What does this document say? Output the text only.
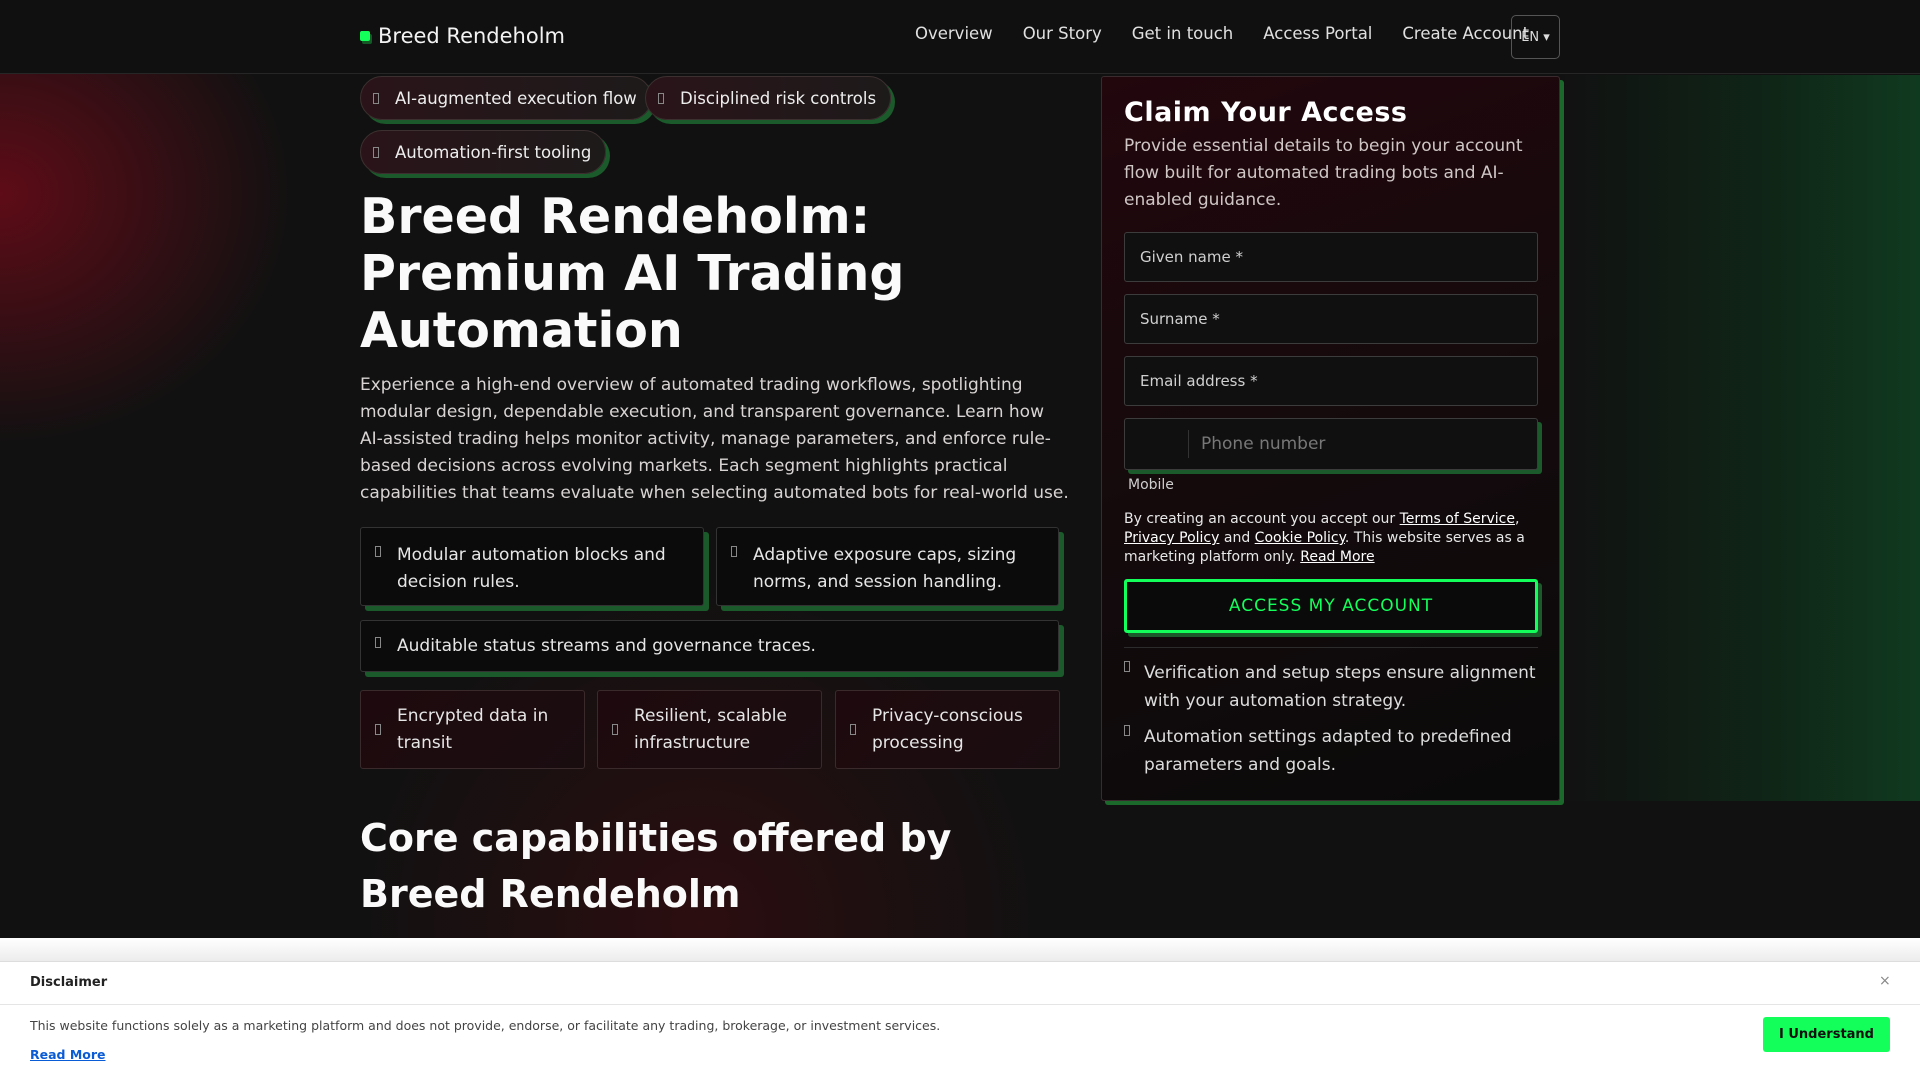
Breed Rendeholm	Overview Our Story Get in touch Access Portal Create Account
EN ▾
AI-augmented execution flow	Disciplined risk controls
Automation-first tooling
Breed Rendeholm: Premium AI Trading Automation

Experience a high-end overview of automated trading workflows, spotlighting modular design, dependable execution, and transparent governance. Learn how AI-assisted trading helps monitor activity, manage parameters, and enforce rule-based decisions across evolving markets. Each segment highlights practical capabilities that teams evaluate when selecting automated bots for real-world use.

Modular automation blocks and decision rules.
Adaptive exposure caps, sizing norms, and session handling.
Auditable status streams and governance traces.
Encrypted data in transit
Resilient, scalable infrastructure
Privacy-conscious processing
Claim Your Access
Provide essential details to begin your account flow built for automated trading bots and AI-enabled guidance.
Given name *
Surname *
Email address *
Phone number
Mobile
By creating an account you accept our Terms of Service, Privacy Policy and Cookie Policy. This website serves as a marketing platform only. Read More
ACCESS MY ACCOUNT
Verification and setup steps ensure alignment with your automation strategy.
Automation settings adapted to predefined parameters and goals.
Core capabilities offered by Breed Rendeholm
Disclaimer	×
This website functions solely as a marketing platform and does not provide, endorse, or facilitate any trading, brokerage, or investment services.
Read More
I Understand
